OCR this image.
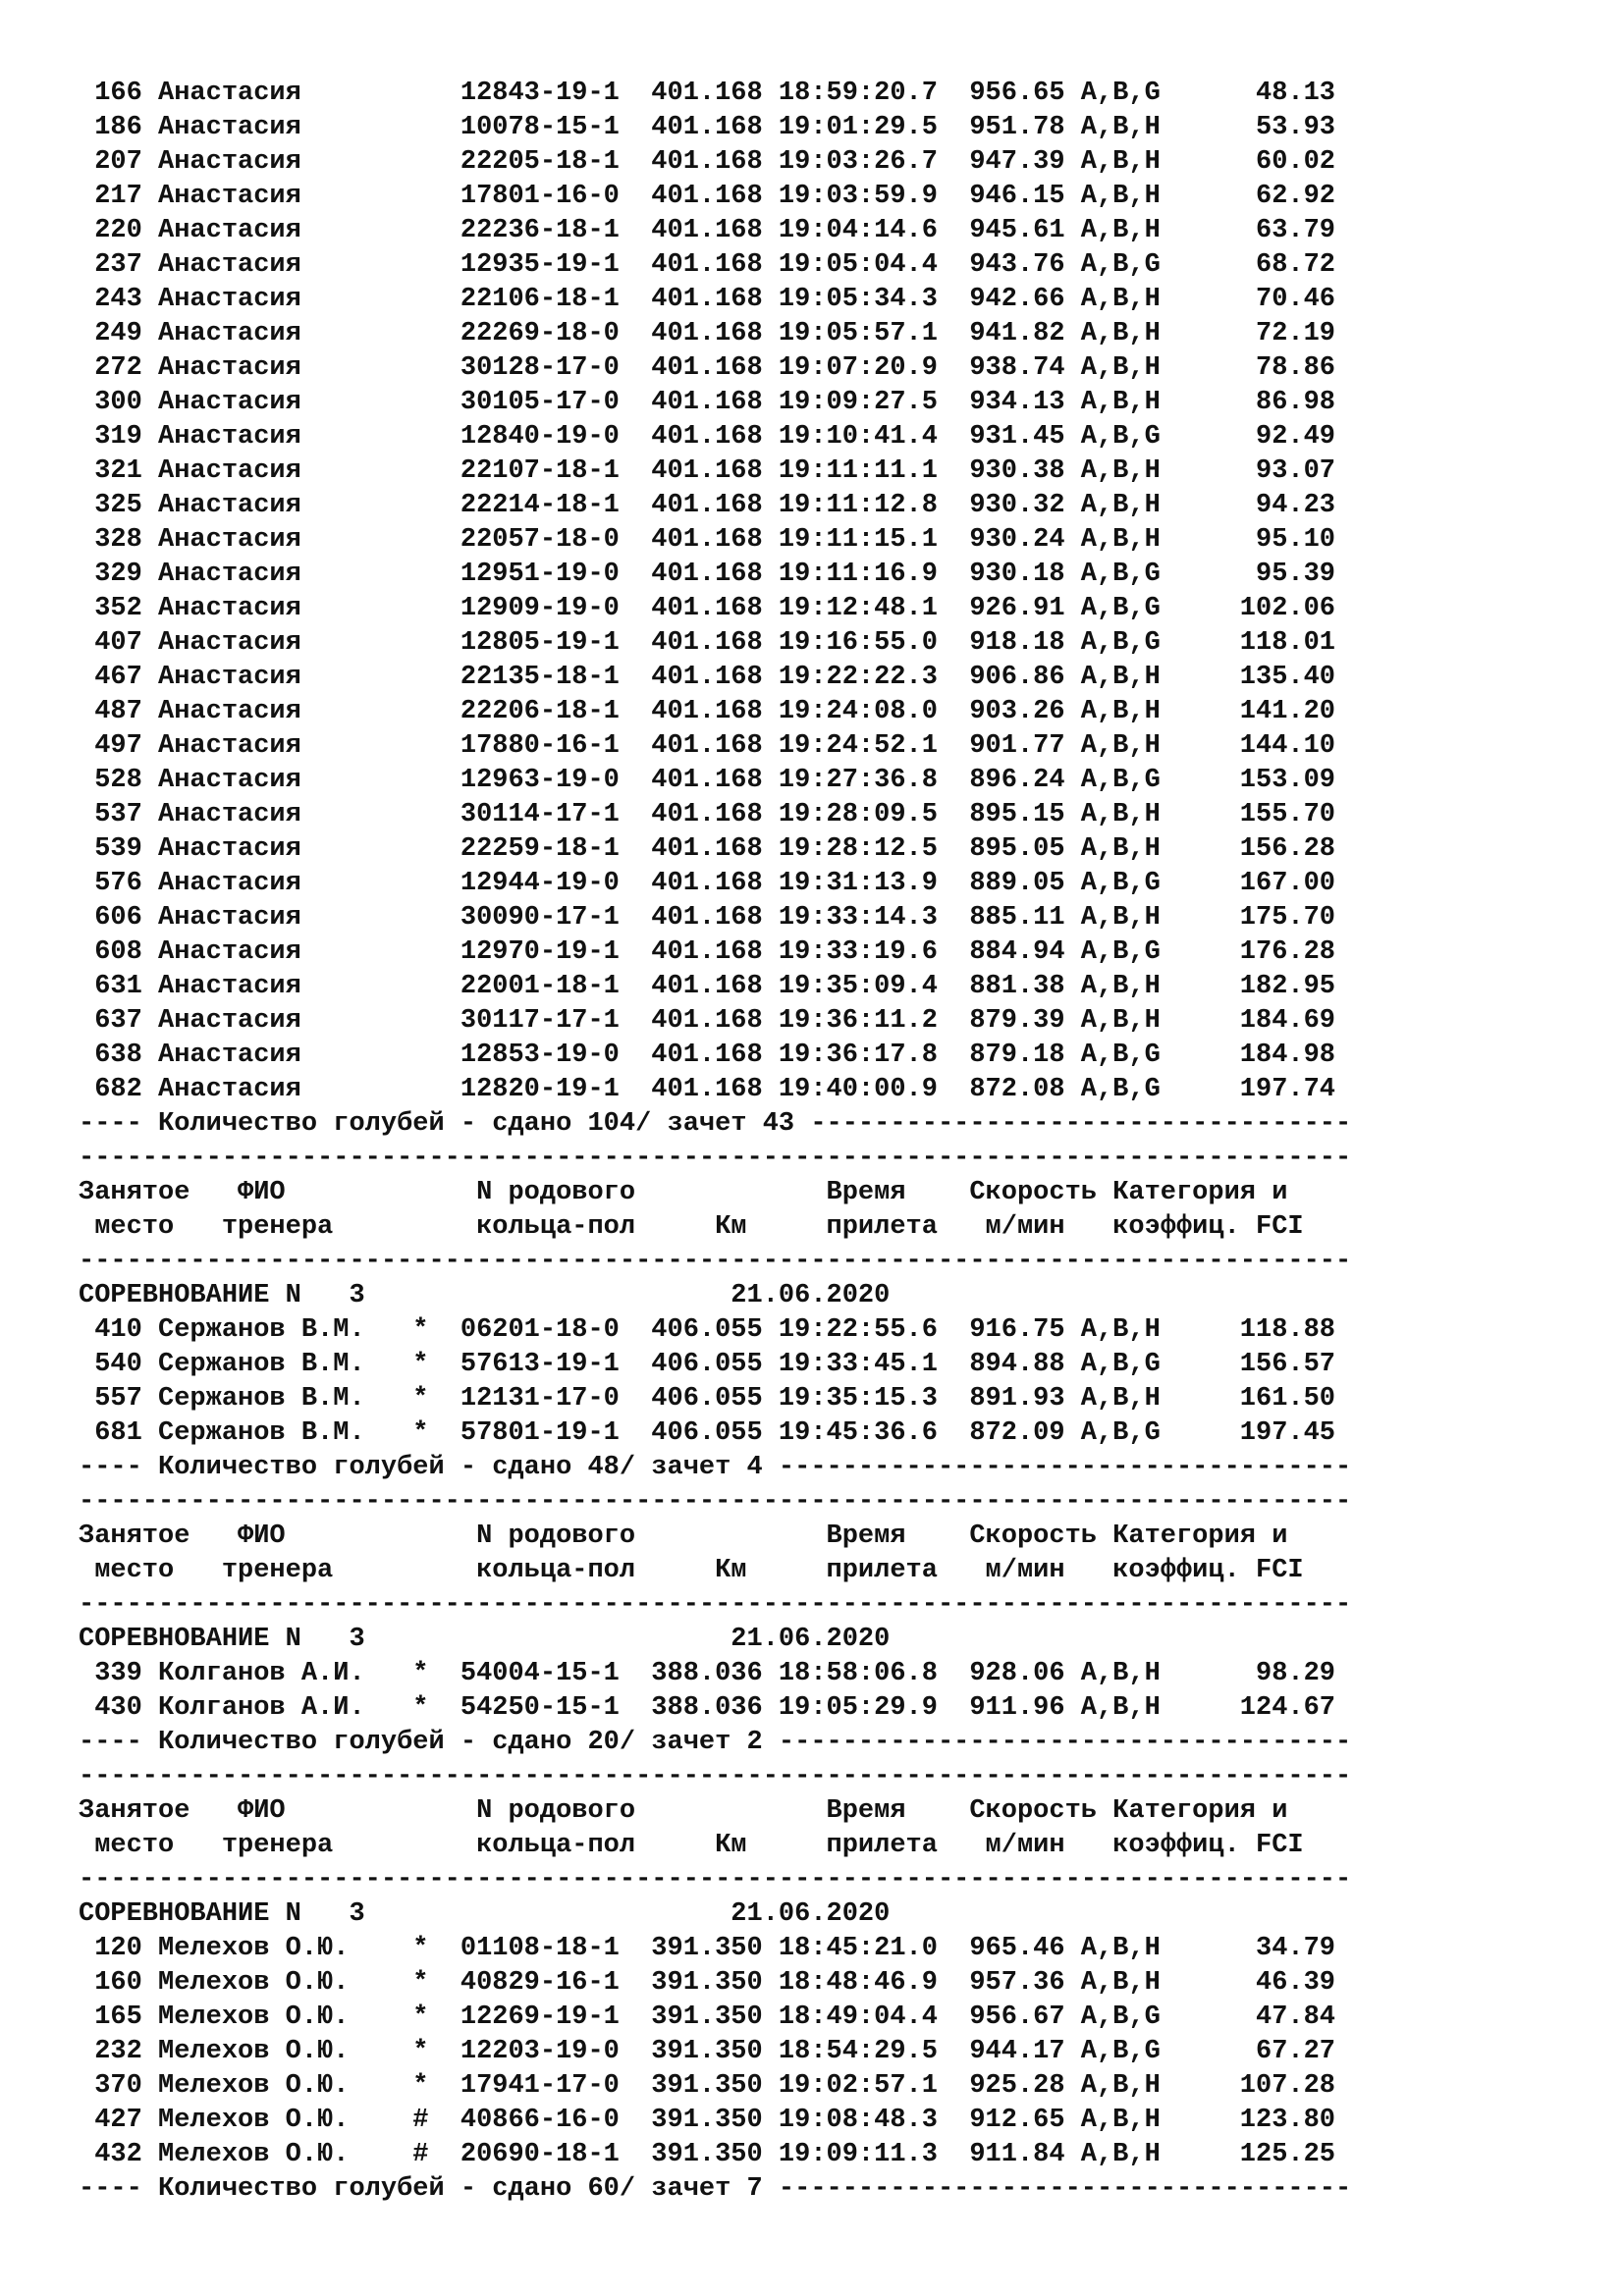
166 Анастасия          12843-19-1  401.168 18:59:20.7  956.65 A,B,G      48.13
186 Анастасия          10078-15-1  401.168 19:01:29.5  951.78 A,B,H      53.93
207 Анастасия          22205-18-1  401.168 19:03:26.7  947.39 A,B,H      60.02
217 Анастасия          17801-16-0  401.168 19:03:59.9  946.15 A,B,H      62.92
220 Анастасия          22236-18-1  401.168 19:04:14.6  945.61 A,B,H      63.79
237 Анастасия          12935-19-1  401.168 19:05:04.4  943.76 A,B,G      68.72
243 Анастасия          22106-18-1  401.168 19:05:34.3  942.66 A,B,H      70.46
249 Анастасия          22269-18-0  401.168 19:05:57.1  941.82 A,B,H      72.19
272 Анастасия          30128-17-0  401.168 19:07:20.9  938.74 A,B,H      78.86
300 Анастасия          30105-17-0  401.168 19:09:27.5  934.13 A,B,H      86.98
319 Анастасия          12840-19-0  401.168 19:10:41.4  931.45 A,B,G      92.49
321 Анастасия          22107-18-1  401.168 19:11:11.1  930.38 A,B,H      93.07
325 Анастасия          22214-18-1  401.168 19:11:12.8  930.32 A,B,H      94.23
328 Анастасия          22057-18-0  401.168 19:11:15.1  930.24 A,B,H      95.10
329 Анастасия          12951-19-0  401.168 19:11:16.9  930.18 A,B,G      95.39
352 Анастасия          12909-19-0  401.168 19:12:48.1  926.91 A,B,G     102.06
407 Анастасия          12805-19-1  401.168 19:16:55.0  918.18 A,B,G     118.01
467 Анастасия          22135-18-1  401.168 19:22:22.3  906.86 A,B,H     135.40
487 Анастасия          22206-18-1  401.168 19:24:08.0  903.26 A,B,H     141.20
497 Анастасия          17880-16-1  401.168 19:24:52.1  901.77 A,B,H     144.10
528 Анастасия          12963-19-0  401.168 19:27:36.8  896.24 A,B,G     153.09
537 Анастасия          30114-17-1  401.168 19:28:09.5  895.15 A,B,H     155.70
539 Анастасия          22259-18-1  401.168 19:28:12.5  895.05 A,B,H     156.28
576 Анастасия          12944-19-0  401.168 19:31:13.9  889.05 A,B,G     167.00
606 Анастасия          30090-17-1  401.168 19:33:14.3  885.11 A,B,H     175.70
608 Анастасия          12970-19-1  401.168 19:33:19.6  884.94 A,B,G     176.28
631 Анастасия          22001-18-1  401.168 19:35:09.4  881.38 A,B,H     182.95
637 Анастасия          30117-17-1  401.168 19:36:11.2  879.39 A,B,H     184.69
638 Анастасия          12853-19-0  401.168 19:36:17.8  879.18 A,B,G     184.98
682 Анастасия          12820-19-1  401.168 19:40:00.9  872.08 A,B,G     197.74
---- Количество голубей - сдано 104/ зачет 43 ----------------------------------
--------------------------------------------------------------------------------
Занятое   ФИО            N родового            Время    Скорость Категория и
место   тренера         кольца-пол     Км     прилета   м/мин   коэффиц. FCI
--------------------------------------------------------------------------------
СОРЕВНОВАНИЕ N   3                       21.06.2020
410 Сержанов В.М.   *  06201-18-0  406.055 19:22:55.6  916.75 A,B,H     118.88
540 Сержанов В.М.   *  57613-19-1  406.055 19:33:45.1  894.88 A,B,G     156.57
557 Сержанов В.М.   *  12131-17-0  406.055 19:35:15.3  891.93 A,B,H     161.50
681 Сержанов В.М.   *  57801-19-1  406.055 19:45:36.6  872.09 A,B,G     197.45
---- Количество голубей - сдано 48/ зачет 4 ------------------------------------
--------------------------------------------------------------------------------
Занятое   ФИО            N родового            Время    Скорость Категория и
место   тренера         кольца-пол     Км     прилета   м/мин   коэффиц. FCI
--------------------------------------------------------------------------------
СОРЕВНОВАНИЕ N   3                       21.06.2020
339 Колганов А.И.   *  54004-15-1  388.036 18:58:06.8  928.06 A,B,H      98.29
430 Колганов А.И.   *  54250-15-1  388.036 19:05:29.9  911.96 A,B,H     124.67
---- Количество голубей - сдано 20/ зачет 2 ------------------------------------
--------------------------------------------------------------------------------
Занятое   ФИО            N родового            Время    Скорость Категория и
место   тренера         кольца-пол     Км     прилета   м/мин   коэффиц. FCI
--------------------------------------------------------------------------------
СОРЕВНОВАНИЕ N   3                       21.06.2020
120 Мелехов О.Ю.    *  01108-18-1  391.350 18:45:21.0  965.46 A,B,H      34.79
160 Мелехов О.Ю.    *  40829-16-1  391.350 18:48:46.9  957.36 A,B,H      46.39
165 Мелехов О.Ю.    *  12269-19-1  391.350 18:49:04.4  956.67 A,B,G      47.84
232 Мелехов О.Ю.    *  12203-19-0  391.350 18:54:29.5  944.17 A,B,G      67.27
370 Мелехов О.Ю.    *  17941-17-0  391.350 19:02:57.1  925.28 A,B,H     107.28
427 Мелехов О.Ю.    #  40866-16-0  391.350 19:08:48.3  912.65 A,B,H     123.80
432 Мелехов О.Ю.    #  20690-18-1  391.350 19:09:11.3  911.84 A,B,H     125.25
---- Количество голубей - сдано 60/ зачет 7 ------------------------------------
